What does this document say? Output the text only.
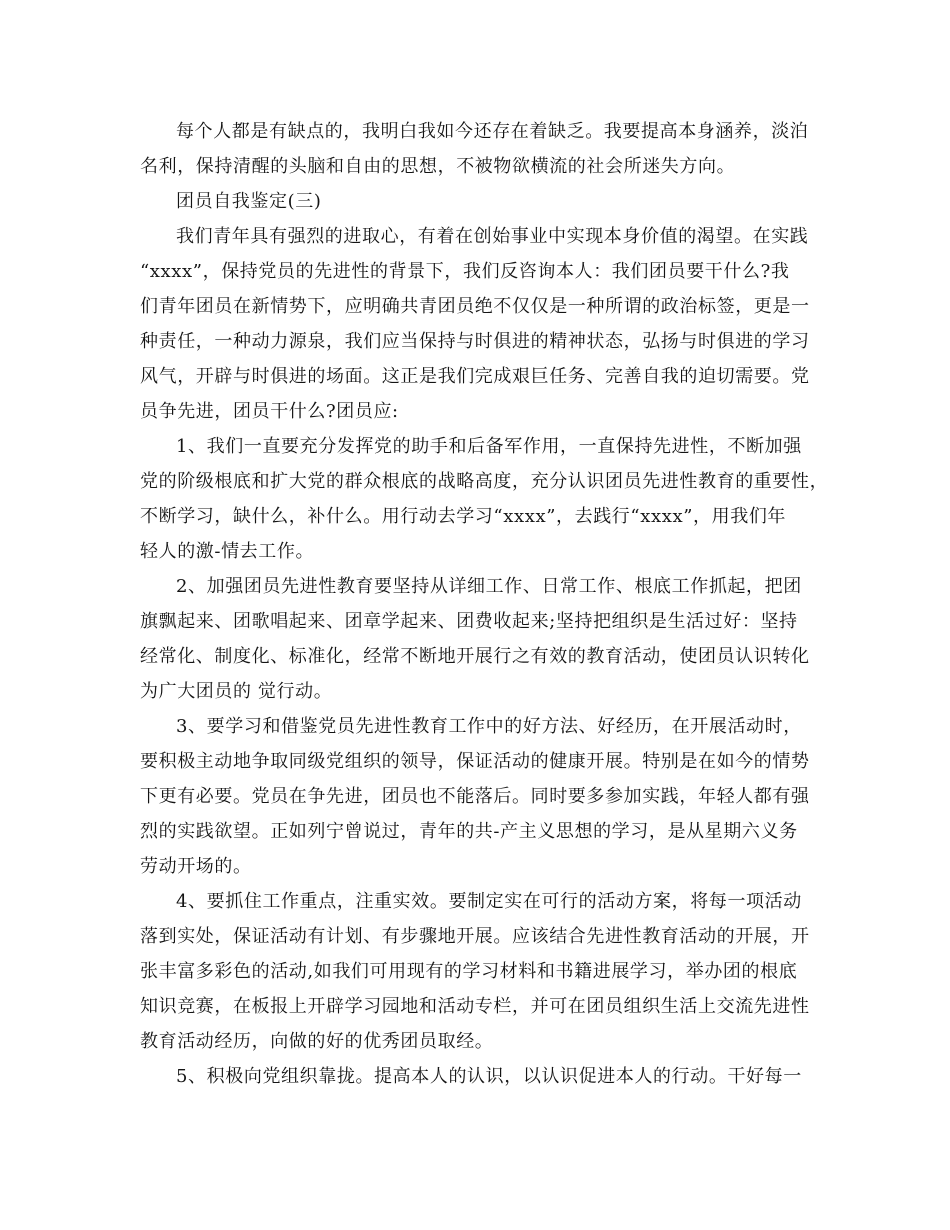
每个人都是有缺点的，我明白我如今还存在着缺乏。我要提高本身涵养，淡泊
名利，保持清醒的头脑和自由的思想，不被物欲横流的社会所迷失方向。

团员自我鉴定(三)

我们青年具有强烈的进取心，有着在创始事业中实现本身价值的渴望。在实践
“xxxx”，保持党员的先进性的背景下，我们反咨询本人：我们团员要干什么?我
们青年团员在新情势下，应明确共青团员绝不仅仅是一种所谓的政治标签，更是一
种责任，一种动力源泉，我们应当保持与时俱进的精神状态，弘扬与时俱进的学习
风气，开辟与时俱进的场面。这正是我们完成艰巨任务、完善自我的迫切需要。党
员争先进，团员干什么?团员应:

1、我们一直要充分发挥党的助手和后备军作用，一直保持先进性，不断加强
党的阶级根底和扩大党的群众根底的战略高度，充分认识团员先进性教育的重要性，
不断学习，缺什么，补什么。用行动去学习“xxxx”，去践行“xxxx”，用我们年
轻人的激-情去工作。

2、加强团员先进性教育要坚持从详细工作、日常工作、根底工作抓起，把团
旗飘起来、团歌唱起来、团章学起来、团费收起来;坚持把组织是生活过好：坚持
经常化、制度化、标准化，经常不断地开展行之有效的教育活动，使团员认识转化
为广大团员的 觉行动。

3、要学习和借鉴党员先进性教育工作中的好方法、好经历，在开展活动时，
要积极主动地争取同级党组织的领导，保证活动的健康开展。特别是在如今的情势
下更有必要。党员在争先进，团员也不能落后。同时要多参加实践，年轻人都有强
烈的实践欲望。正如列宁曾说过，青年的共-产主义思想的学习，是从星期六义务
劳动开场的。

4、要抓住工作重点，注重实效。要制定实在可行的活动方案，将每一项活动
落到实处，保证活动有计划、有步骤地开展。应该结合先进性教育活动的开展，开
张丰富多彩色的活动,如我们可用现有的学习材料和书籍进展学习，举办团的根底
知识竞赛，在板报上开辟学习园地和活动专栏，并可在团员组织生活上交流先进性
教育活动经历，向做的好的优秀团员取经。

5、积极向党组织靠拢。提高本人的认识，以认识促进本人的行动。干好每一
